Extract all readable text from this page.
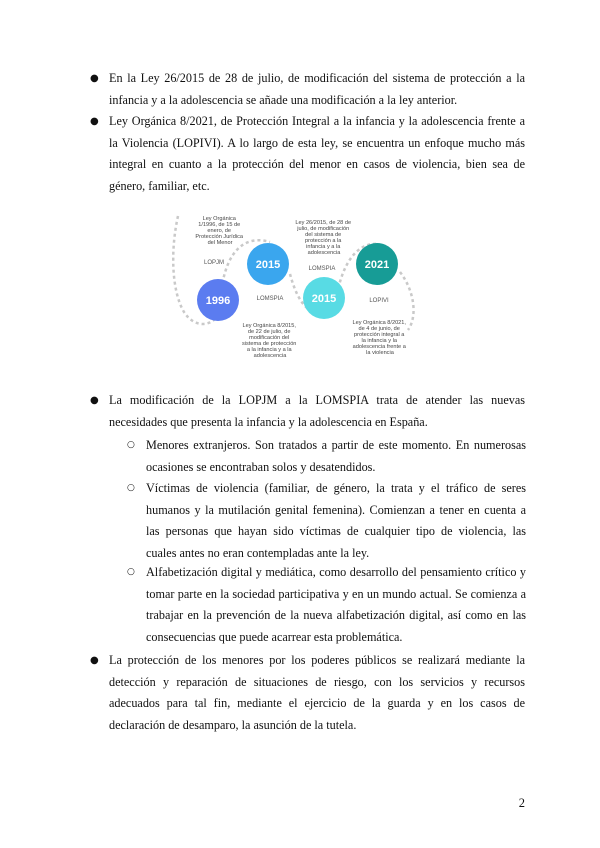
● En la Ley 26/2015 de 28 de julio, de modificación del sistema de protección a la infancia y a la adolescencia se añade una modificación a la ley anterior.
● Ley Orgánica 8/2021, de Protección Integral a la infancia y la adolescencia frente a la Violencia (LOPIVI). A lo largo de esta ley, se encuentra un enfoque mucho más integral en cuanto a la protección del menor en casos de violencia, bien sea de género, familiar, etc.
Ley Orgánica 1/1996, de 15 de enero, de Protección Jurídica del Menor
LOPJM
1996
2015
LOMSPIA
Ley Orgánica 8/2015, de 22 de julio, de modificación del sistema de protección a la infancia y a la adolescencia
Ley 26/2015, de 28 de julio, de modificación del sistema de protección a la infancia y a la adolescencia
LOMSPIA
2015
2021
LOPIVI
Ley Orgánica 8/2021, de 4 de junio, de protección integral a la infancia y la adolescencia frente a la violencia
● La modificación de la LOPJM a la LOMSPIA trata de atender las nuevas necesidades que presenta la infancia y la adolescencia en España.
○ Menores extranjeros. Son tratados a partir de este momento. En numerosas ocasiones se encontraban solos y desatendidos.
○ Víctimas de violencia (familiar, de género, la trata y el tráfico de seres humanos y la mutilación genital femenina). Comienzan a tener en cuenta a las personas que hayan sido víctimas de cualquier tipo de violencia, las cuales antes no eran contempladas ante la ley.
○ Alfabetización digital y mediática, como desarrollo del pensamiento crítico y tomar parte en la sociedad participativa y en un mundo actual. Se comienza a trabajar en la prevención de la nueva alfabetización digital, así como en las consecuencias que puede acarrear esta problemática.
● La protección de los menores por los poderes públicos se realizará mediante la detección y reparación de situaciones de riesgo, con los servicios y recursos adecuados para tal fin, mediante el ejercicio de la guarda y en los casos de declaración de desamparo, la asunción de la tutela.
2
